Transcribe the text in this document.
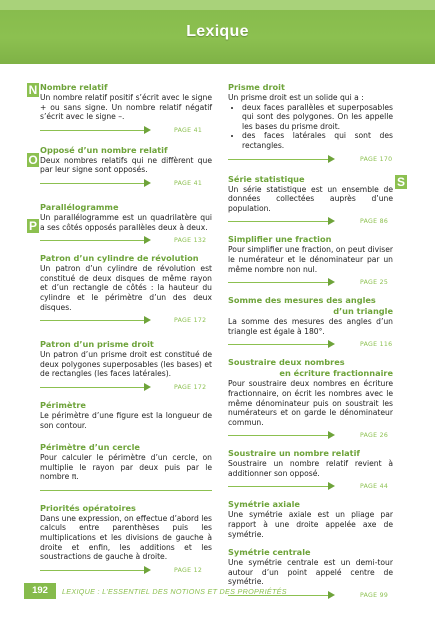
Lexique
N
O
P
S
Nombre relatif
Un nombre relatif positif s’écrit avec le signe + ou sans signe. Un nombre relatif négatif s’écrit avec le signe –.
PAGE 41
Opposé d’un nombre relatif
Deux nombres relatifs qui ne diffèrent que par leur signe sont opposés.
PAGE 41
Parallélogramme
Un parallélogramme est un quadrilatère qui a ses côtés opposés parallèles deux à deux.
PAGE 132
Patron d’un cylindre de révolution
Un patron d’un cylindre de révolution est constitué de deux disques de même rayon et d’un rectangle de côtés : la hauteur du cylindre et le périmètre d’un des deux disques.
PAGE 172
Patron d’un prisme droit
Un patron d’un prisme droit est constitué de deux polygones superposables (les bases) et de rectangles (les faces latérales).
PAGE 172
Périmètre
Le périmètre d’une figure est la longueur de son contour.
Périmètre d’un cercle
Pour calculer le périmètre d’un cercle, on multiplie le rayon par deux puis par le nombre π.
Priorités opératoires
Dans une expression, on effectue d’abord les calculs entre parenthèses puis les multiplications et les divisions de gauche à droite et enfin, les additions et les soustractions de gauche à droite.
PAGE 12
Prisme droit
Un prisme droit est un solide qui a :
• deux faces parallèles et superposables qui sont des polygones. On les appelle les bases du prisme droit.
• des faces latérales qui sont des rectangles.
PAGE 170
Série statistique
Un série statistique est un ensemble de données collectées auprès d’une population.
PAGE 86
Simplifier une fraction
Pour simplifier une fraction, on peut diviser le numérateur et le dénominateur par un même nombre non nul.
PAGE 25
Somme des mesures des angles
d’un triangle
La somme des mesures des angles d’un triangle est égale à 180°.
PAGE 116
Soustraire deux nombres
en écriture fractionnaire
Pour soustraire deux nombres en écriture fractionnaire, on écrit les nombres avec le même dénominateur puis on soustrait les numérateurs et on garde le dénominateur commun.
PAGE 26
Soustraire un nombre relatif
Soustraire un nombre relatif revient à additionner son opposé.
PAGE 44
Symétrie axiale
Une symétrie axiale est un pliage par rapport à une droite appelée axe de symétrie.
Symétrie centrale
Une symétrie centrale est un demi-tour autour d’un point appelé centre de symétrie.
PAGE 99
192	LEXIQUE : L’ESSENTIEL DES NOTIONS ET DES PROPRIÉTÉS
